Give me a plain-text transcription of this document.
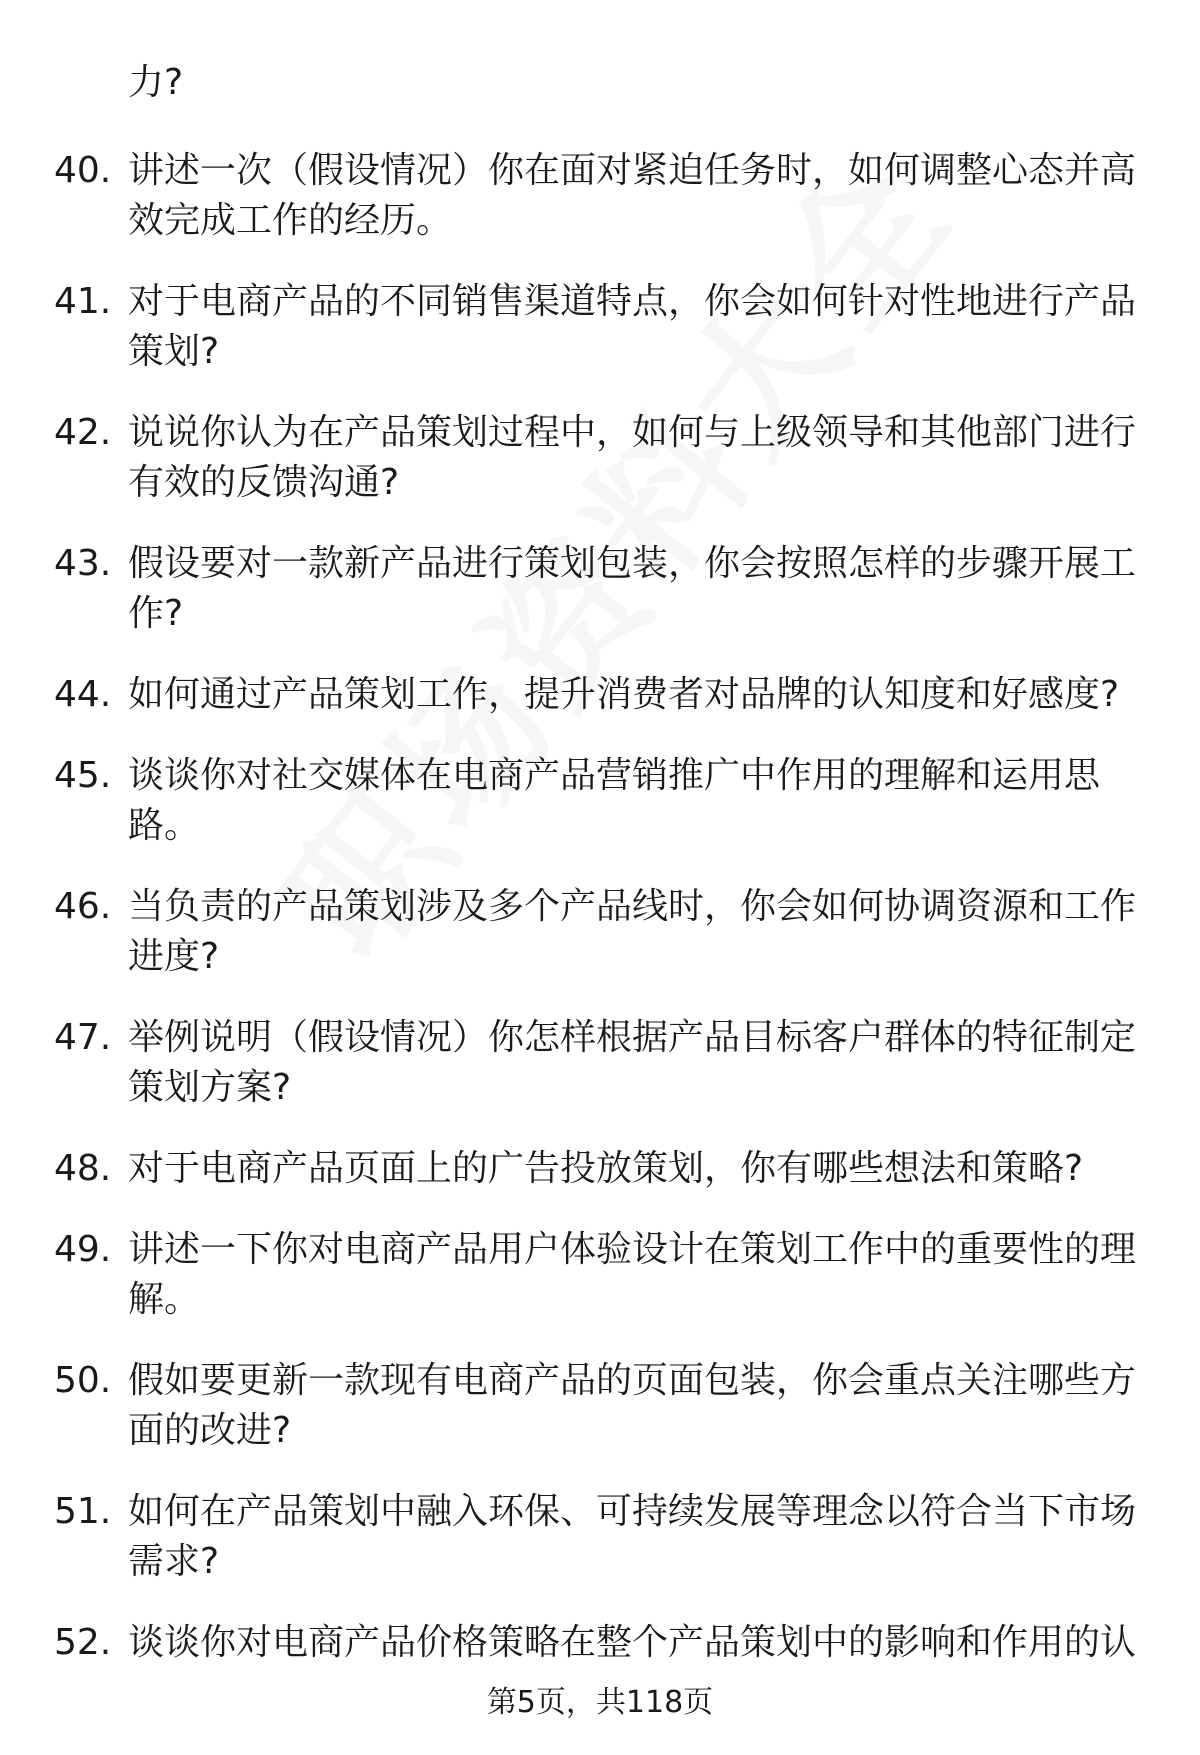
力?
40. 讲述一次（假设情况）你在面对紧迫任务时，如何调整心态并高效完成工作的经历。
41. 对于电商产品的不同销售渠道特点，你会如何针对性地进行产品策划?
42. 说说你认为在产品策划过程中，如何与上级领导和其他部门进行有效的反馈沟通?
43. 假设要对一款新产品进行策划包装，你会按照怎样的步骤开展工作?
44. 如何通过产品策划工作，提升消费者对品牌的认知度和好感度?
45. 谈谈你对社交媒体在电商产品营销推广中作用的理解和运用思路。
46. 当负责的产品策划涉及多个产品线时，你会如何协调资源和工作进度?
47. 举例说明（假设情况）你怎样根据产品目标客户群体的特征制定策划方案?
48. 对于电商产品页面上的广告投放策划，你有哪些想法和策略?
49. 讲述一下你对电商产品用户体验设计在策划工作中的重要性的理解。
50. 假如要更新一款现有电商产品的页面包装，你会重点关注哪些方面的改进?
51. 如何在产品策划中融入环保、可持续发展等理念以符合当下市场需求?
52. 谈谈你对电商产品价格策略在整个产品策划中的影响和作用的认
第5页，共118页
